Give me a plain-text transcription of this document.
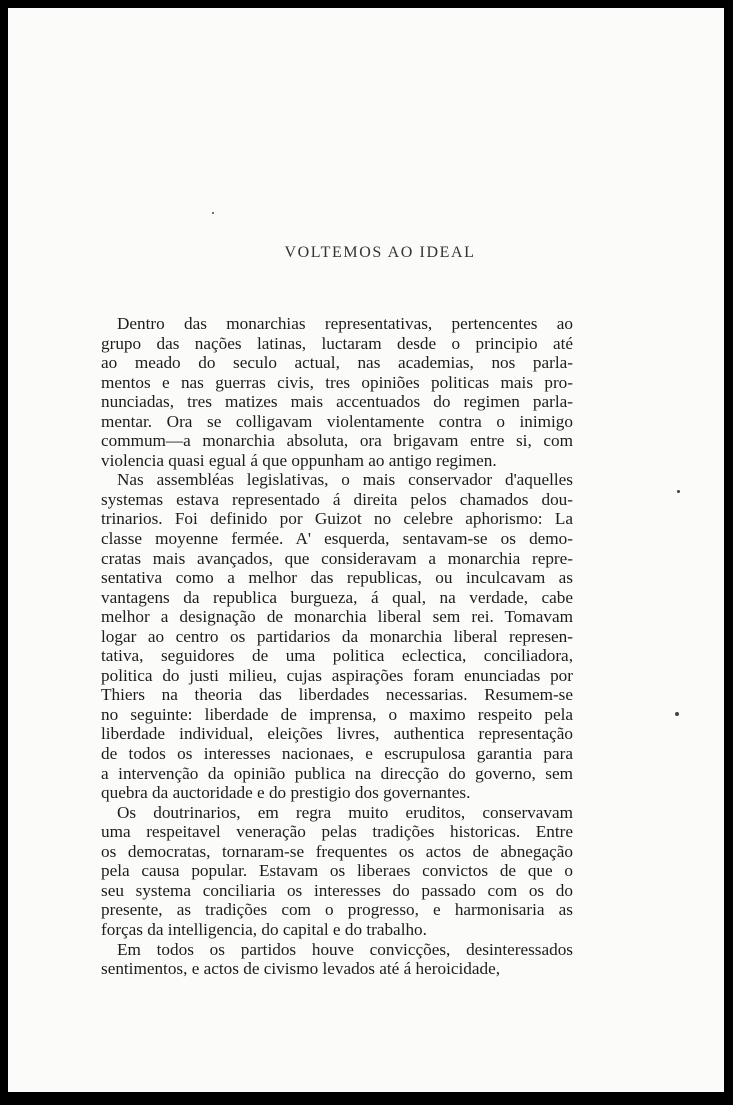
VOLTEMOS AO IDEAL
Dentro das monarchias representativas, pertencentes ao
grupo das nações latinas, luctaram desde o principio até
ao meado do seculo actual, nas academias, nos parla-
mentos e nas guerras civis, tres opiniões politicas mais pro-
nunciadas, tres matizes mais accentuados do regimen parla-
mentar. Ora se colligavam violentamente contra o inimigo
commum—a monarchia absoluta, ora brigavam entre si, com
violencia quasi egual á que oppunham ao antigo regimen.
Nas assembléas legislativas, o mais conservador d'aquelles
systemas estava representado á direita pelos chamados dou-
trinarios. Foi definido por Guizot no celebre aphorismo: La
classe moyenne fermée. A' esquerda, sentavam-se os demo-
cratas mais avançados, que consideravam a monarchia repre-
sentativa como a melhor das republicas, ou inculcavam as
vantagens da republica burgueza, á qual, na verdade, cabe
melhor a designação de monarchia liberal sem rei. Tomavam
logar ao centro os partidarios da monarchia liberal represen-
tativa, seguidores de uma politica eclectica, conciliadora,
politica do justi milieu, cujas aspirações foram enunciadas por
Thiers na theoria das liberdades necessarias. Resumem-se
no seguinte: liberdade de imprensa, o maximo respeito pela
liberdade individual, eleições livres, authentica representação
de todos os interesses nacionaes, e escrupulosa garantia para
a intervenção da opinião publica na direcção do governo, sem
quebra da auctoridade e do prestigio dos governantes.
Os doutrinarios, em regra muito eruditos, conservavam
uma respeitavel veneração pelas tradições historicas. Entre
os democratas, tornaram-se frequentes os actos de abnegação
pela causa popular. Estavam os liberaes convictos de que o
seu systema conciliaria os interesses do passado com os do
presente, as tradições com o progresso, e harmonisaria as
forças da intelligencia, do capital e do trabalho.
Em todos os partidos houve convicções, desinteressados
sentimentos, e actos de civismo levados até á heroicidade,
